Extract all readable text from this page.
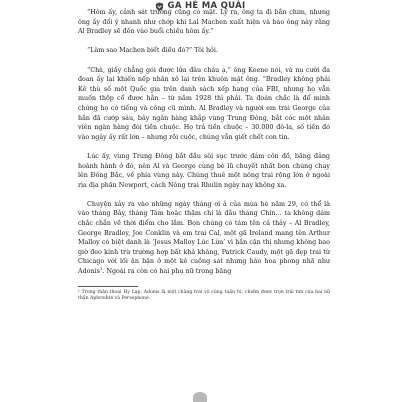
GA HÈ MA QUÁI

“Hôm ấy, cảnh sát trưởng cũng có mặt. Lý ra, ông ta đi bắn chim, nhưng ông ấy đổi ý nhanh như chớp khi Lal Machen xuất hiện và báo ông này rằng Al Bradley sẽ đến vào buổi chiều hôm ấy.”

“Làm sao Machen biết điều đó?” Tôi hỏi.

“Chà, giấy chẳng gói được lửa đâu cháu ạ,” ông Keene nói, và nụ cười đa đoan ấy lại khiến nếp nhăn xô lại trên khuôn mặt ông. “Bradley không phải Kẻ thù số một Quốc gia trên danh sách xếp hạng của FBI, nhưng họ vẫn muốn thộp cổ được hắn – từ năm 1928 thì phải. Ta đoán chắc là để minh chứng họ có tiếng và công cũ mình. Al Bradley và người em trai George của hắn đã cướp sáu, bảy ngân hàng khắp vùng Trung Đông, bắt cóc một nhân viên ngân hàng đòi tiền chuộc. Họ trả tiền chuộc – 30.000 đô-la, số tiền đó vào ngày ấy rất lớn – nhưng rồi cuộc, chúng vẫn giết chết con tin.

Lúc ấy, vùng Trung Đông bắt đầu sôi sục trước đám côn đồ, băng đảng hoành hành ở đó, nên Al và George cùng bè lũ chuyết nhất bọn chúng chạy lên Đông Bắc, về phía vùng này. Chúng thuê một nông trại rộng lớn ở ngoài rìa địa phận Newport, cách Nông trại Rhulin ngày nay không xa.

Chuyện xảy ra vào những ngày tháng ơi ả của mùa hè năm 29, có thể là vào tháng Bảy, tháng Tám hoặc thậm chí là đầu tháng Chín… ta không dám chắc chắn về thời điểm cho lắm. Bọn chúng có tám tên cả thảy – Al Bradley, George Bradley, Joe Conklin và em trai Cal, một gã Ireland mang tên Arthur Malloy có biệt danh là ‘Jesus Malloy Lúc Lừa’ vì hắn cận thị nhưng không bao giờ đeo kính trừ trường hợp bất khả kháng, Patrick Caudy, một gã đẹp trai từ Chicago với lối ăn bận ở một kẻ cuồng sát nhưng hào hoa phong nhã như Adonis$^1$. Ngoài ra còn có hai phụ nữ trong băng

¹ Trong thần thoại Hy Lạp, Adonis là một chàng trai vô cùng tuấn tú, chiếm được trọn trái tim của hai nữ thần Aphrodite và Persephone.
